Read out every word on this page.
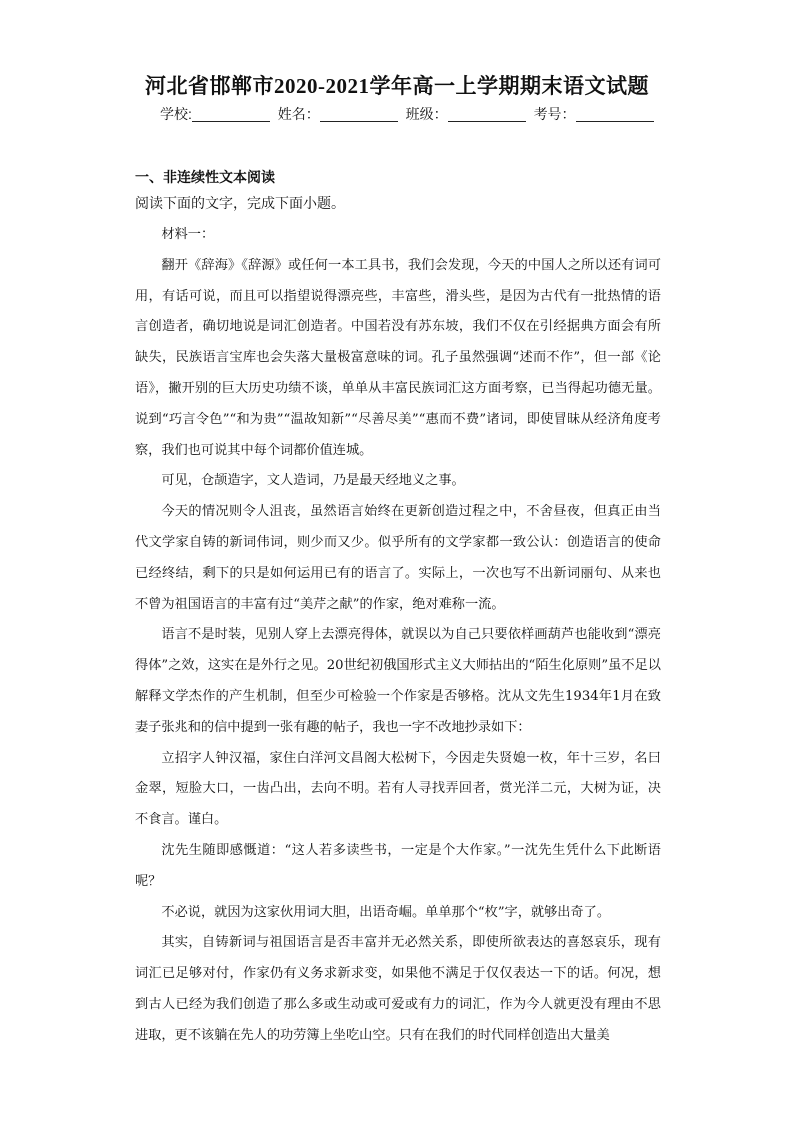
河北省邯郸市2020-2021学年高一上学期期末语文试题
学校:	姓名：	班级：	考号：
一、非连续性文本阅读
阅读下面的文字，完成下面小题。

材料一：

翻开《辞海》《辞源》或任何一本工具书，我们会发现，今天的中国人之所以还有词可用，有话可说，而且可以指望说得漂亮些，丰富些，滑头些，是因为古代有一批热情的语言创造者，确切地说是词汇创造者。中国若没有苏东坡，我们不仅在引经据典方面会有所缺失，民族语言宝库也会失落大量极富意味的词。孔子虽然强调“述而不作”，但一部《论语》，撇开别的巨大历史功绩不谈，单单从丰富民族词汇这方面考察，已当得起功德无量。说到“巧言令色”“和为贵”“温故知新”“尽善尽美”“惠而不费”诸词，即使冒昧从经济角度考察，我们也可说其中每个词都价值连城。

可见，仓颉造字，文人造词，乃是最天经地义之事。

今天的情况则令人沮丧，虽然语言始终在更新创造过程之中，不舍昼夜，但真正由当代文学家自铸的新词伟词，则少而又少。似乎所有的文学家都一致公认：创造语言的使命已经终结，剩下的只是如何运用已有的语言了。实际上，一次也写不出新词丽句、从来也不曾为祖国语言的丰富有过“美芹之献”的作家，绝对难称一流。

语言不是时装，见别人穿上去漂亮得体，就误以为自己只要依样画葫芦也能收到“漂亮得体”之效，这实在是外行之见。20世纪初俄国形式主义大师拈出的“陌生化原则”虽不足以解释文学杰作的产生机制，但至少可检验一个作家是否够格。沈从文先生1934年1月在致妻子张兆和的信中提到一张有趣的帖子，我也一字不改地抄录如下：

立招字人钟汉福，家住白洋河文昌阁大松树下，今因走失贤媳一枚，年十三岁，名曰金翠，短脸大口，一齿凸出，去向不明。若有人寻找弄回者，赏光洋二元，大树为证，决不食言。谨白。

沈先生随即感慨道：“这人若多读些书，一定是个大作家。”一沈先生凭什么下此断语呢？

不必说，就因为这家伙用词大胆，出语奇崛。单单那个“枚”字，就够出奇了。

其实，自铸新词与祖国语言是否丰富并无必然关系，即使所欲表达的喜怒哀乐，现有词汇已足够对付，作家仍有义务求新求变，如果他不满足于仅仅表达一下的话。何况，想到古人已经为我们创造了那么多或生动或可爱或有力的词汇，作为今人就更没有理由不思进取，更不该躺在先人的功劳簿上坐吃山空。只有在我们的时代同样创造出大量美
